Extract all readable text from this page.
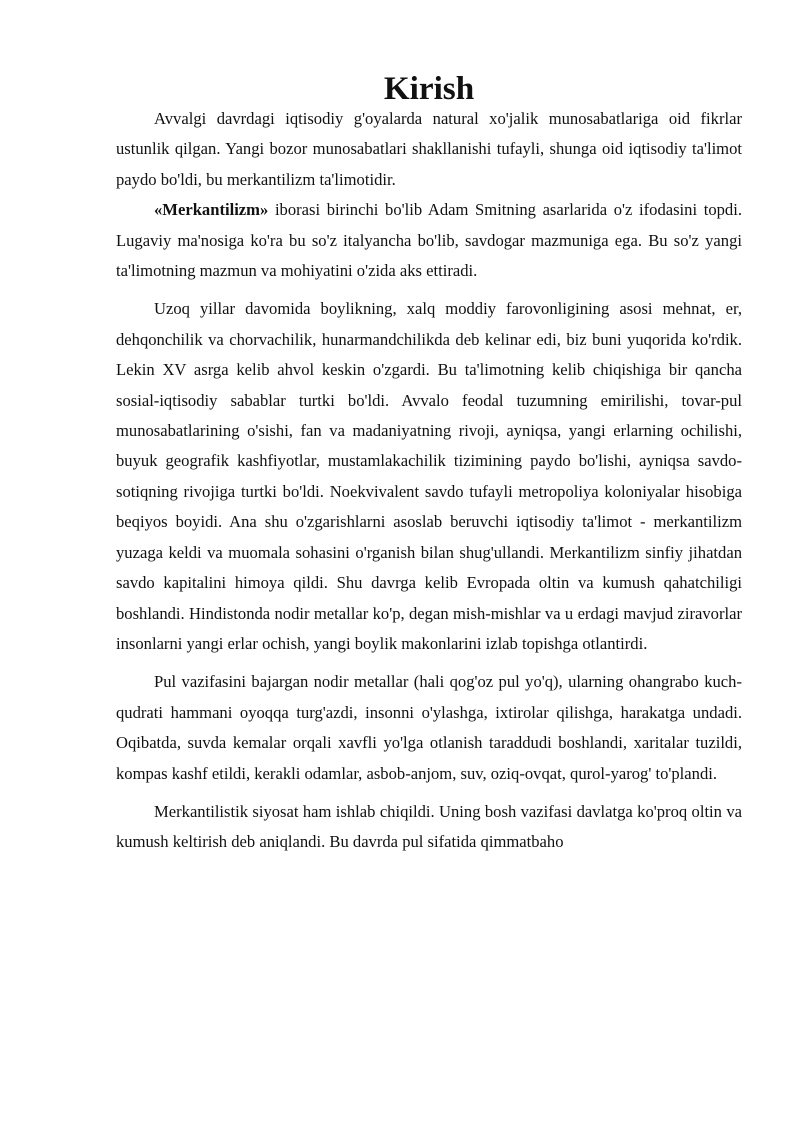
Kirish

Avvalgi davrdagi iqtisodiy g'oyalarda natural xo'jalik munosabatlariga oid fikrlar ustunlik qilgan. Yangi bozor munosabatlari shakllanishi tufayli, shunga oid iqtisodiy ta'limot paydo bo'ldi, bu merkantilizm ta'limotidir.

«Merkantilizm» iborasi birinchi bo'lib Adam Smitning asarlarida o'z ifodasini topdi. Lugaviy ma'nosiga ko'ra bu so'z italyancha bo'lib, savdogar mazmuniga ega. Bu so'z yangi ta'limotning mazmun va mohiyatini o'zida aks ettiradi.

Uzoq yillar davomida boylikning, xalq moddiy farovonligining asosi mehnat, er, dehqonchilik va chorvachilik, hunarmandchilikda deb kelinar edi, biz buni yuqorida ko'rdik. Lekin XV asrga kelib ahvol keskin o'zgardi. Bu ta'limotning kelib chiqishiga bir qancha sosial-iqtisodiy sabablar turtki bo'ldi. Avvalo feodal tuzumning emirilishi, tovar-pul munosabatlarining o'sishi, fan va madaniyatning rivoji, ayniqsa, yangi erlarning ochilishi, buyuk geografik kashfiyotlar, mustamlakachilik tizimining paydo bo'lishi, ayniqsa savdo-sotiqning rivojiga turtki bo'ldi. Noekvivalent savdo tufayli metropoliya koloniyalar hisobiga beqiyos boyidi. Ana shu o'zgarishlarni asoslab beruvchi iqtisodiy ta'limot - merkantilizm yuzaga keldi va muomala sohasini o'rganish bilan shug'ullandi. Merkantilizm sinfiy jihatdan savdo kapitalini himoya qildi. Shu davrga kelib Evropada oltin va kumush qahatchiligi boshlandi. Hindistonda nodir metallar ko'p, degan mish-mishlar va u erdagi mavjud ziravorlar insonlarni yangi erlar ochish, yangi boylik makonlarini izlab topishga otlantirdi.

Pul vazifasini bajargan nodir metallar (hali qog'oz pul yo'q), ularning ohangrabo kuch-qudrati hammani oyoqqa turg'azdi, insonni o'ylashga, ixtirolar qilishga, harakatga undadi. Oqibatda, suvda kemalar orqali xavfli yo'lga otlanish taraddudi boshlandi, xaritalar tuzildi, kompas kashf etildi, kerakli odamlar, asbob-anjom, suv, oziq-ovqat, qurol-yarog' to'plandi.

Merkantilistik siyosat ham ishlab chiqildi. Uning bosh vazifasi davlatga ko'proq oltin va kumush keltirish deb aniqlandi. Bu davrda pul sifatida qimmatbaho
